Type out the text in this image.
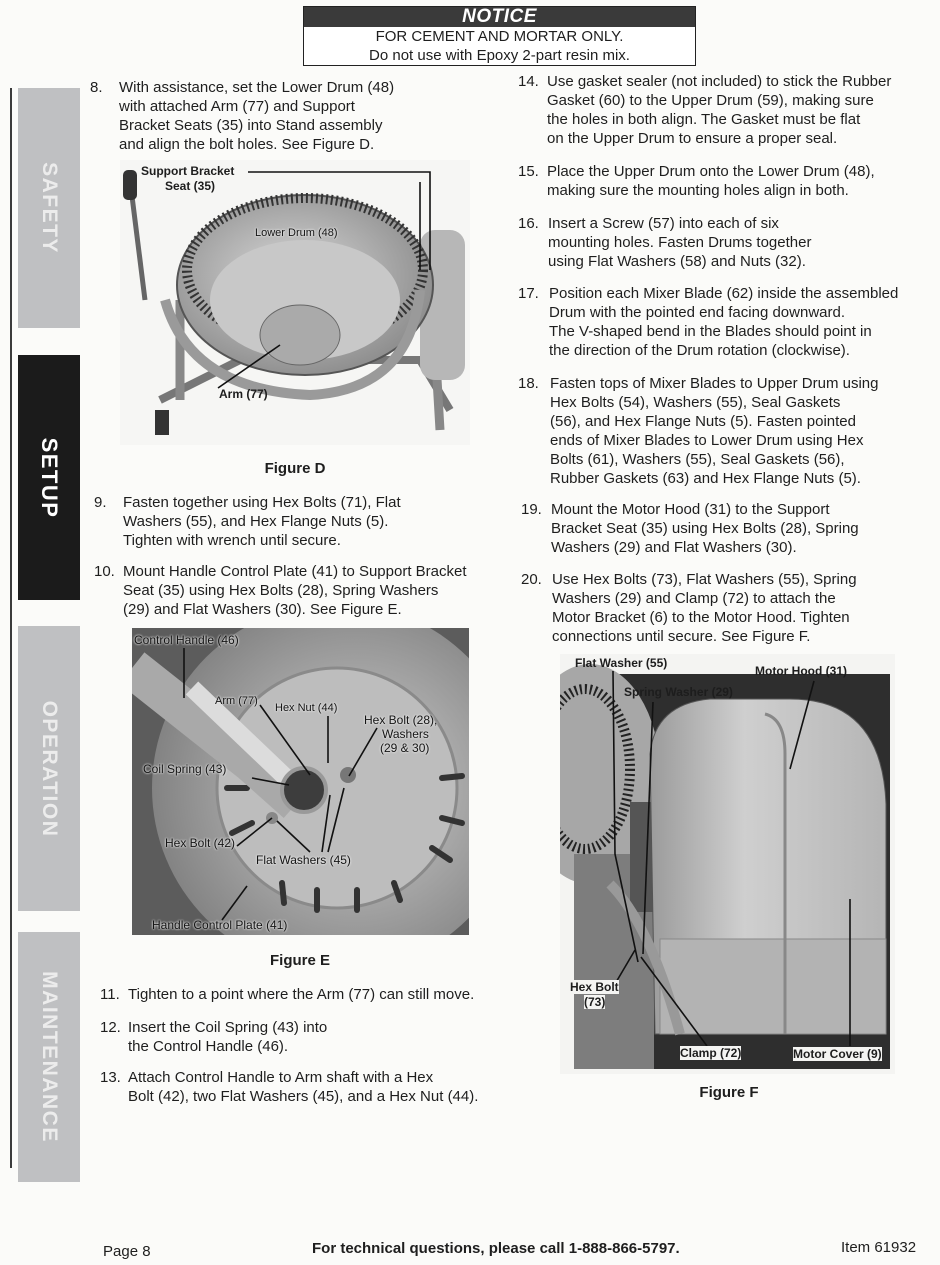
NOTICE
FOR CEMENT AND MORTAR ONLY.
Do not use with Epoxy 2-part resin mix.
SAFETY
SETUP
OPERATION
MAINTENANCE
8. With assistance, set the Lower Drum (48)
with attached Arm (77) and Support
Bracket Seats (35) into Stand assembly
and align the bolt holes. See Figure D.
Support Bracket
Seat (35)
Lower Drum (48)
Arm (77)
Figure D
9. Fasten together using Hex Bolts (71), Flat
Washers (55), and Hex Flange Nuts (5).
Tighten with wrench until secure.
10. Mount Handle Control Plate (41) to Support Bracket
Seat (35) using Hex Bolts (28), Spring Washers
(29) and Flat Washers (30). See Figure E.
Control Handle (46)
Arm (77)
Hex Nut (44)
Hex Bolt (28),
Washers
(29 & 30)
Coil Spring (43)
Hex Bolt (42)
Flat Washers (45)
Handle Control Plate (41)
Figure E
11. Tighten to a point where the Arm (77) can still move.
12. Insert the Coil Spring (43) into
the Control Handle (46).
13. Attach Control Handle to Arm shaft with a Hex
Bolt (42), two Flat Washers (45), and a Hex Nut (44).
14. Use gasket sealer (not included) to stick the Rubber
Gasket (60) to the Upper Drum (59), making sure
the holes in both align. The Gasket must be flat
on the Upper Drum to ensure a proper seal.
15. Place the Upper Drum onto the Lower Drum (48),
making sure the mounting holes align in both.
16. Insert a Screw (57) into each of six
mounting holes. Fasten Drums together
using Flat Washers (58) and Nuts (32).
17. Position each Mixer Blade (62) inside the assembled
Drum with the pointed end facing downward.
The V-shaped bend in the Blades should point in
the direction of the Drum rotation (clockwise).
18. Fasten tops of Mixer Blades to Upper Drum using
Hex Bolts (54), Washers (55), Seal Gaskets
(56), and Hex Flange Nuts (5). Fasten pointed
ends of Mixer Blades to Lower Drum using Hex
Bolts (61), Washers (55), Seal Gaskets (56),
Rubber Gaskets (63) and Hex Flange Nuts (5).
19. Mount the Motor Hood (31) to the Support
Bracket Seat (35) using Hex Bolts (28), Spring
Washers (29) and Flat Washers (30).
20. Use Hex Bolts (73), Flat Washers (55), Spring
Washers (29) and Clamp (72) to attach the
Motor Bracket (6) to the Motor Hood. Tighten
connections until secure. See Figure F.
Flat Washer (55)
Spring Washer (29)
Motor Hood (31)
Hex Bolt
(73)
Clamp (72)	Motor Cover (9)
Figure F
Page 8	For technical questions, please call 1-888-866-5797.	Item 61932
